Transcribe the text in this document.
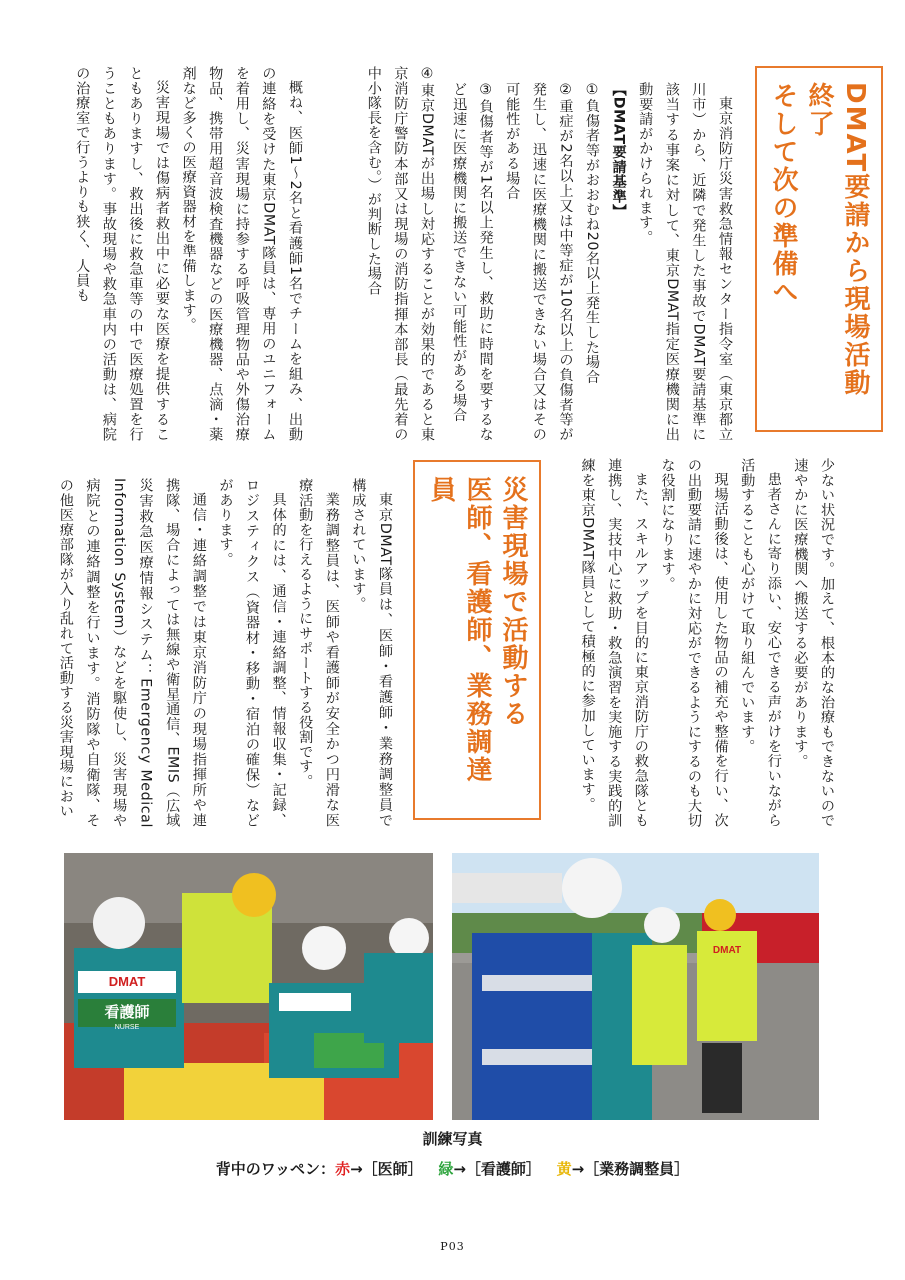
DMAT要請から現場活動終了
そして次の準備へ

東京消防庁災害救急情報センター指令室（東京都立川市）から、近隣で発生した事故でDMAT要請基準に該当する事案に対して、東京DMAT指定医療機関に出動要請がかけられます。

【DMAT要請基準】

①負傷者等がおおむね20名以上発生した場合

②重症が2名以上又は中等症が10名以上の負傷者等が発生し、迅速に医療機関に搬送できない場合又はその可能性がある場合

③負傷者等が1名以上発生し、救助に時間を要するなど迅速に医療機関に搬送できない可能性がある場合

④東京DMATが出場し対応することが効果的であると東京消防庁警防本部又は現場の消防指揮本部長（最先着の中小隊長を含む。）が判断した場合

概ね、医師1～2名と看護師1名でチームを組み、出動の連絡を受けた東京DMAT隊員は、専用のユニフォームを着用し、災害現場に持参する呼吸管理物品や外傷治療物品、携帯用超音波検査機器などの医療機器、点滴・薬剤など多くの医療資器材を準備します。

災害現場では傷病者救出中に必要な医療を提供することもありますし、救出後に救急車等の中で医療処置を行うこともあります。事故現場や救急車内の活動は、病院の治療室で行うよりも狭く、人員も

少ない状況です。加えて、根本的な治療もできないので速やかに医療機関へ搬送する必要があります。

患者さんに寄り添い、安心できる声がけを行いながら活動することも心がけて取り組んでいます。

現場活動後は、使用した物品の補充や整備を行い、次の出動要請に速やかに対応ができるようにするのも大切な役割になります。

また、スキルアップを目的に東京消防庁の救急隊とも連携し、実技中心に救助・救急演習を実施する実践的訓練を東京DMAT隊員として積極的に参加しています。

災害現場で活動する
医師、看護師、業務調達員

東京DMAT隊員は、医師・看護師・業務調整員で構成されています。

業務調整員は、医師や看護師が安全かつ円滑な医療活動を行えるようにサポートする役割です。

具体的には、通信・連絡調整、情報収集・記録、ロジスティクス（資器材・移動・宿泊の確保）などがあります。

通信・連絡調整では東京消防庁の現場指揮所や連携隊、場合によっては無線や衛星通信、EMIS（広域災害救急医療情報システム：Emergency Medical Information System）などを駆使し、災害現場や病院との連絡調整を行います。消防隊や自衛隊、その他医療部隊が入り乱れて活動する災害現場におい

DMAT
看護師
NURSE
DMAT
訓練写真
背中のワッペン：赤→［医師］ 緑→［看護師］ 黄→［業務調整員］
P03
